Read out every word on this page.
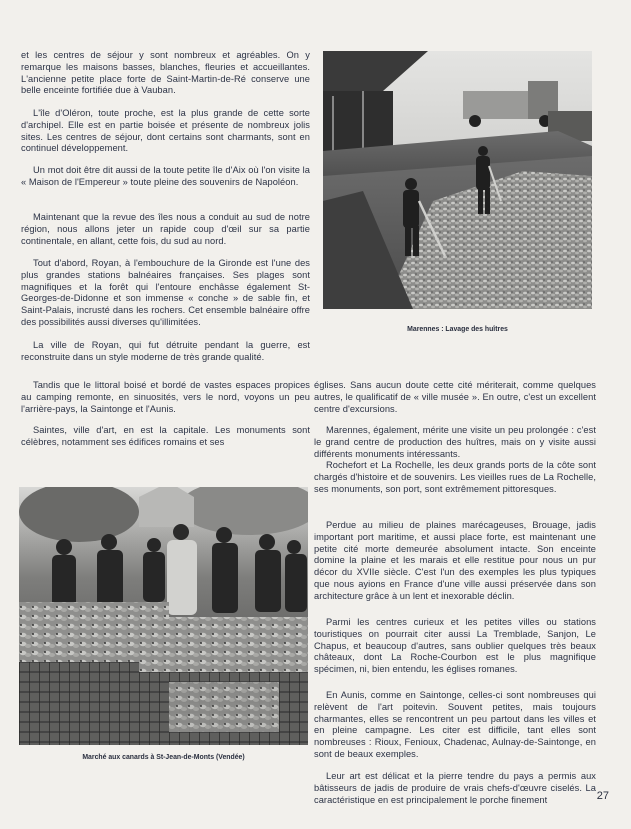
et les centres de séjour y sont nombreux et agréables. On y remarque les maisons basses, blanches, fleuries et accueillantes. L'ancienne petite place forte de Saint-Martin-de-Ré conserve une belle enceinte fortifiée due à Vauban.

L'île d'Oléron, toute proche, est la plus grande de cette sorte d'archipel. Elle est en partie boisée et présente de nombreux jolis sites. Les centres de séjour, dont certains sont charmants, sont en continuel développement.

Un mot doit être dit aussi de la toute petite île d'Aix où l'on visite la « Maison de l'Empereur » toute pleine des souvenirs de Napoléon.

Maintenant que la revue des îles nous a conduit au sud de notre région, nous allons jeter un rapide coup d'œil sur sa partie continentale, en allant, cette fois, du sud au nord.

Tout d'abord, Royan, à l'embouchure de la Gironde est l'une des plus grandes stations balnéaires françaises. Ses plages sont magnifiques et la forêt qui l'entoure enchâsse également St-Georges-de-Didonne et son immense « conche » de sable fin, et Saint-Palais, incrusté dans les rochers. Cet ensemble balnéaire offre des possibilités aussi diverses qu'illimitées.

La ville de Royan, qui fut détruite pendant la guerre, est reconstruite dans un style moderne de très grande qualité.

Tandis que le littoral boisé et bordé de vastes espaces propices au camping remonte, en sinuosités, vers le nord, voyons un peu l'arrière-pays, la Saintonge et l'Aunis.

Saintes, ville d'art, en est la capitale. Les monuments sont célèbres, notamment ses édifices romains et ses

Marennes : Lavage des huîtres
Marché aux canards à St-Jean-de-Monts (Vendée)

églises. Sans aucun doute cette cité mériterait, comme quelques autres, le qualificatif de « ville musée ». En outre, c'est un excellent centre d'excursions.

Marennes, également, mérite une visite un peu prolongée : c'est le grand centre de production des huîtres, mais on y visite aussi différents monuments intéressants.

Rochefort et La Rochelle, les deux grands ports de la côte sont chargés d'histoire et de souvenirs. Les vieilles rues de La Rochelle, ses monuments, son port, sont extrêmement pittoresques.

Perdue au milieu de plaines marécageuses, Brouage, jadis important port maritime, et aussi place forte, est maintenant une petite cité morte demeurée absolument intacte. Son enceinte domine la plaine et les marais et elle restitue pour nous un pur décor du XVIIe siècle. C'est l'un des exemples les plus typiques que nous ayions en France d'une ville aussi préservée dans son architecture grâce à un lent et inexorable déclin.

Parmi les centres curieux et les petites villes ou stations touristiques on pourrait citer aussi La Tremblade, Sanjon, Le Chapus, et beaucoup d'autres, sans oublier quelques très beaux châteaux, dont La Roche-Courbon est le plus magnifique spécimen, ni, bien entendu, les églises romanes.

En Aunis, comme en Saintonge, celles-ci sont nombreuses qui relèvent de l'art poitevin. Souvent petites, mais toujours charmantes, elles se rencontrent un peu partout dans les villes et en pleine campagne. Les citer est difficile, tant elles sont nombreuses : Rioux, Fenioux, Chadenac, Aulnay-de-Saintonge, en sont de beaux exemples.

Leur art est délicat et la pierre tendre du pays a permis aux bâtisseurs de jadis de produire de vrais chefs-d'œuvre ciselés. La caractéristique en est principalement le porche finement	27
